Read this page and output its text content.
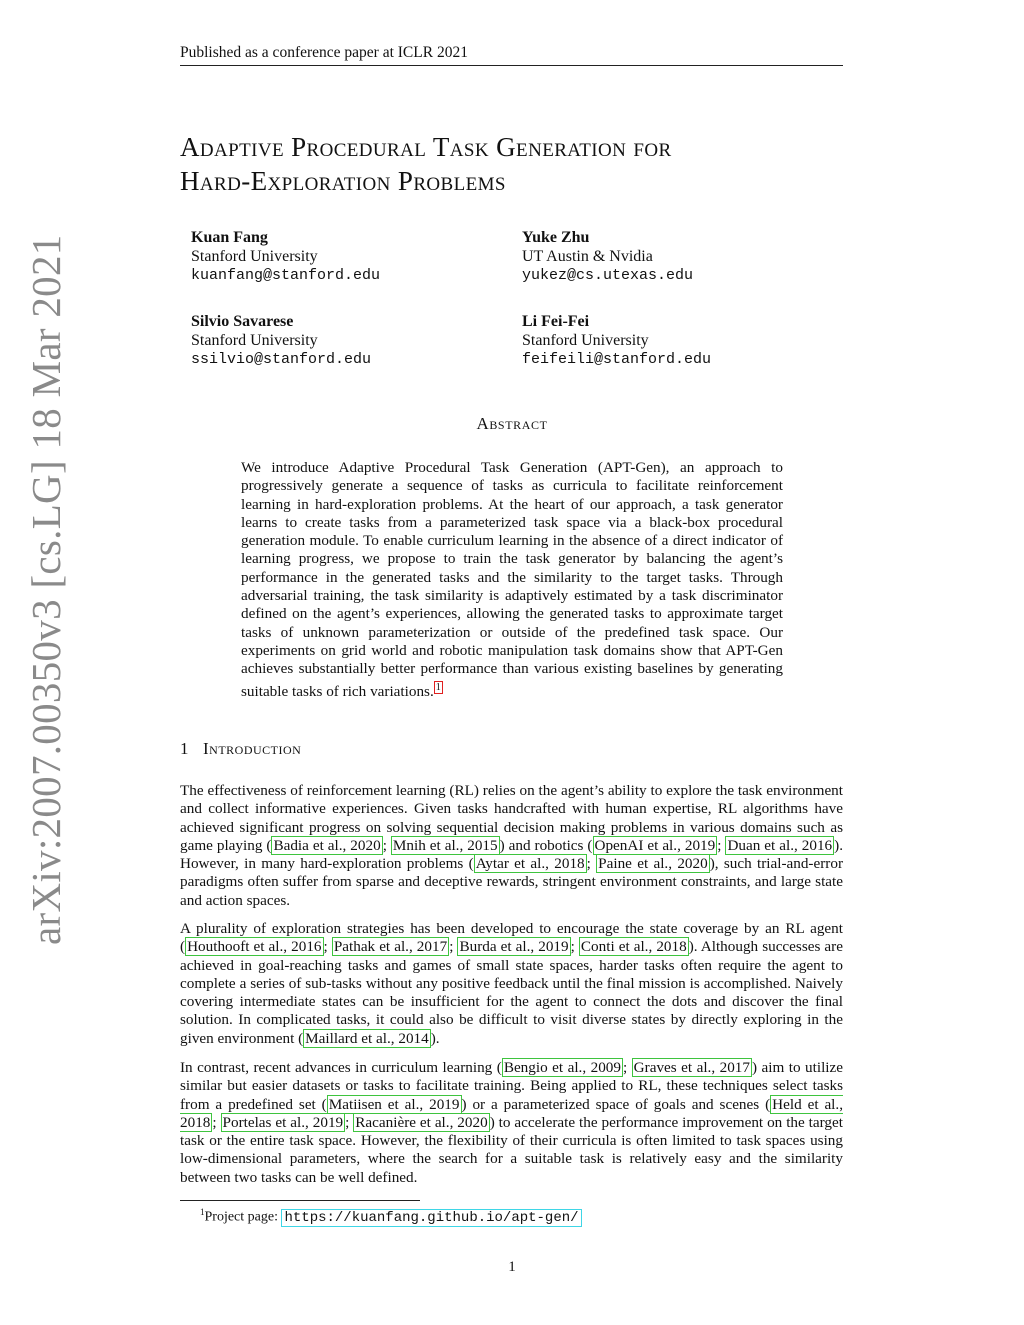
Published as a conference paper at ICLR 2021
arXiv:2007.00350v3 [cs.LG] 18 Mar 2021
Adaptive Procedural Task Generation for
Hard-Exploration Problems
Kuan Fang
Stanford University
kuanfang@stanford.edu
Yuke Zhu
UT Austin & Nvidia
yukez@cs.utexas.edu
Silvio Savarese
Stanford University
ssilvio@stanford.edu
Li Fei-Fei
Stanford University
feifeili@stanford.edu
Abstract

We introduce Adaptive Procedural Task Generation (APT-Gen), an approach to progressively generate a sequence of tasks as curricula to facilitate reinforcement learning in hard-exploration problems. At the heart of our approach, a task generator learns to create tasks from a parameterized task space via a black-box procedural generation module. To enable curriculum learning in the absence of a direct indicator of learning progress, we propose to train the task generator by balancing the agent’s performance in the generated tasks and the similarity to the target tasks. Through adversarial training, the task similarity is adaptively estimated by a task discriminator defined on the agent’s experiences, allowing the generated tasks to approximate target tasks of unknown parameterization or outside of the predefined task space. Our experiments on grid world and robotic manipulation task domains show that APT-Gen achieves substantially better performance than various existing baselines by generating suitable tasks of rich variations. $^1$

1 Introduction

The effectiveness of reinforcement learning (RL) relies on the agent’s ability to explore the task environment and collect informative experiences. Given tasks handcrafted with human expertise, RL algorithms have achieved significant progress on solving sequential decision making problems in various domains such as game playing ( Badia et al., 2020 ; Mnih et al., 2015 ) and robotics ( OpenAI et al., 2019 ; Duan et al., 2016 ). However, in many hard-exploration problems ( Aytar et al., 2018 ; Paine et al., 2020 ), such trial-and-error paradigms often suffer from sparse and deceptive rewards, stringent environment constraints, and large state and action spaces.

A plurality of exploration strategies has been developed to encourage the state coverage by an RL agent ( Houthooft et al., 2016 ; Pathak et al., 2017 ; Burda et al., 2019 ; Conti et al., 2018 ). Although successes are achieved in goal-reaching tasks and games of small state spaces, harder tasks often require the agent to complete a series of sub-tasks without any positive feedback until the final mission is accomplished. Naively covering intermediate states can be insufficient for the agent to connect the dots and discover the final solution. In complicated tasks, it could also be difficult to visit diverse states by directly exploring in the given environment ( Maillard et al., 2014 ).

In contrast, recent advances in curriculum learning ( Bengio et al., 2009 ; Graves et al., 2017 ) aim to utilize similar but easier datasets or tasks to facilitate training. Being applied to RL, these techniques select tasks from a predefined set ( Matiisen et al., 2019 ) or a parameterized space of goals and scenes ( Held et al., 2018 ; Portelas et al., 2019 ; Racanière et al., 2020 ) to accelerate the performance improvement on the target task or the entire task space. However, the flexibility of their curricula is often limited to task spaces using low-dimensional parameters, where the search for a suitable task is relatively easy and the similarity between two tasks can be well defined.

$^1$Project page: https://kuanfang.github.io/apt-gen/
1
